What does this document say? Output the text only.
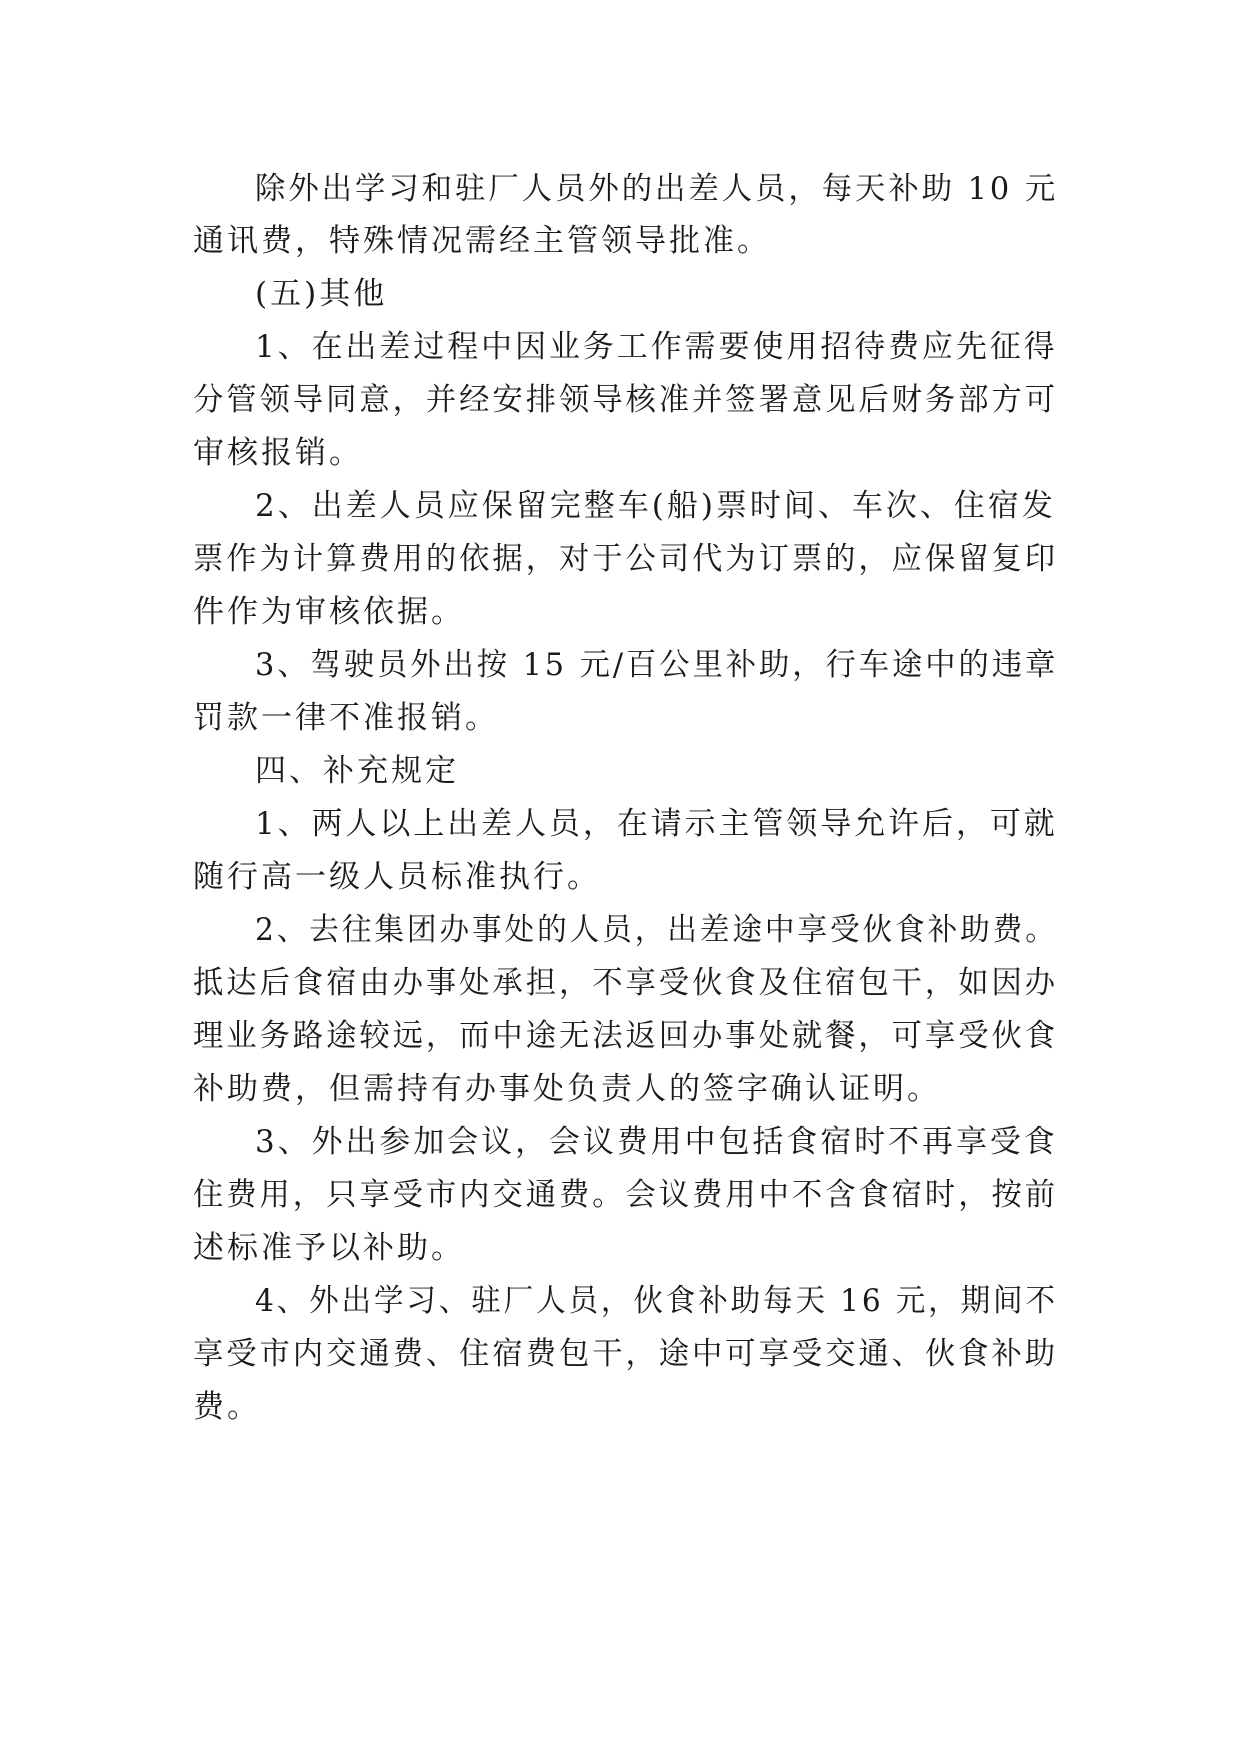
除外出学习和驻厂人员外的出差人员，每天补助 10 元

通讯费，特殊情况需经主管领导批准。

(五)其他

1、在出差过程中因业务工作需要使用招待费应先征得

分管领导同意，并经安排领导核准并签署意见后财务部方可

审核报销。

2、出差人员应保留完整车(船)票时间、车次、住宿发

票作为计算费用的依据，对于公司代为订票的，应保留复印

件作为审核依据。

3、驾驶员外出按 15 元/百公里补助，行车途中的违章

罚款一律不准报销。

四、补充规定

1、两人以上出差人员，在请示主管领导允许后，可就

随行高一级人员标准执行。

2、去往集团办事处的人员，出差途中享受伙食补助费。

抵达后食宿由办事处承担，不享受伙食及住宿包干，如因办

理业务路途较远，而中途无法返回办事处就餐，可享受伙食

补助费，但需持有办事处负责人的签字确认证明。

3、外出参加会议，会议费用中包括食宿时不再享受食

住费用，只享受市内交通费。会议费用中不含食宿时，按前

述标准予以补助。

4、外出学习、驻厂人员，伙食补助每天 16 元，期间不

享受市内交通费、住宿费包干，途中可享受交通、伙食补助

费。
